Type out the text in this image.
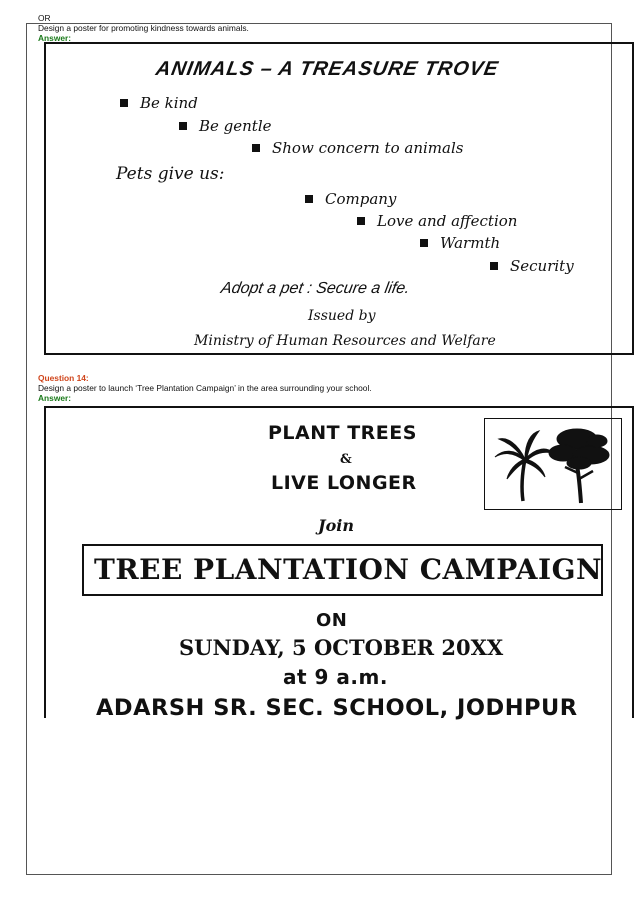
OR
Design a poster for promoting kindness towards animals.
Answer:
ANIMALS – A TREASURE TROVE
Be kind
Be gentle
Show concern to animals
Pets give us:
Company
Love and affection
Warmth
Security
Adopt a pet : Secure a life.
Issued by
Ministry of Human Resources and Welfare
Question 14:
Design a poster to launch ‘Tree Plantation Campaign’ in the area surrounding your school.
Answer:
PLANT TREES
&
LIVE LONGER
Join
TREE PLANTATION CAMPAIGN
ON
SUNDAY, 5 OCTOBER 20XX
at 9 a.m.
ADARSH SR. SEC. SCHOOL, JODHPUR
